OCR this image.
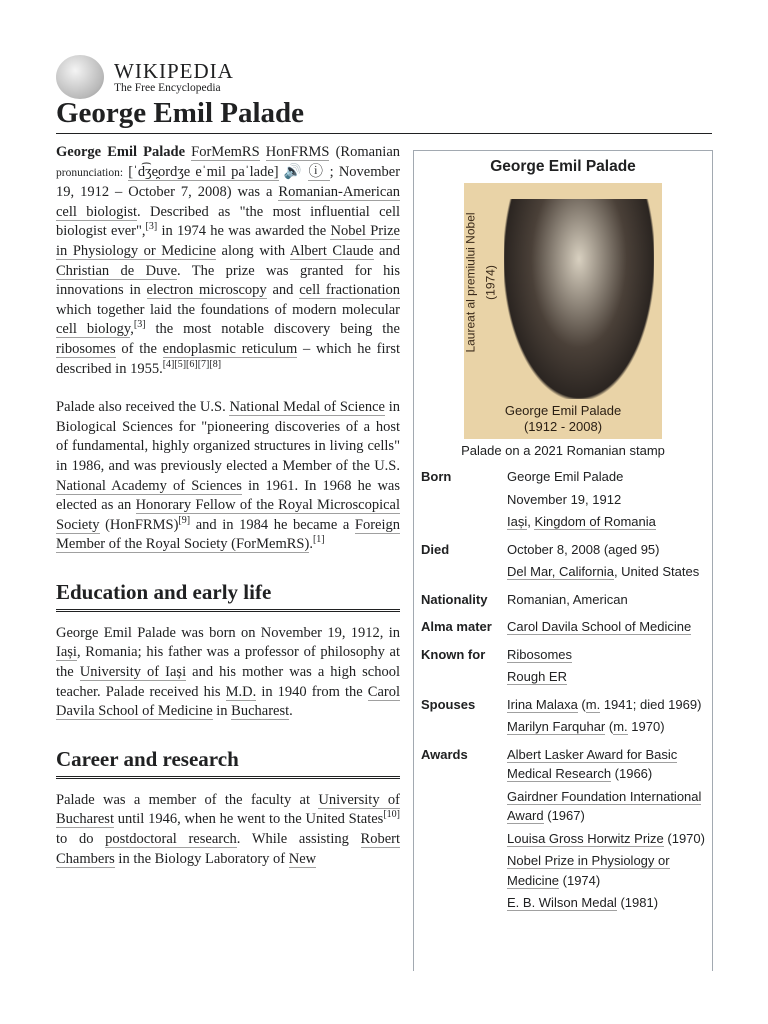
WIKIPEDIA
The Free Encyclopedia
George Emil Palade

George Emil Palade ForMemRS HonFRMS (Romanian pronunciation: [ˈd͡ʒe̯ordʒe eˈmil paˈlade] 🔊 ⓘ ; November 19, 1912 – October 7, 2008) was a Romanian-American cell biologist. Described as "the most influential cell biologist ever",[3] in 1974 he was awarded the Nobel Prize in Physiology or Medicine along with Albert Claude and Christian de Duve. The prize was granted for his innovations in electron microscopy and cell fractionation which together laid the foundations of modern molecular cell biology,[3] the most notable discovery being the ribosomes of the endoplasmic reticulum – which he first described in 1955.[4][5][6][7][8]

Palade also received the U.S. National Medal of Science in Biological Sciences for "pioneering discoveries of a host of fundamental, highly organized structures in living cells" in 1986, and was previously elected a Member of the U.S. National Academy of Sciences in 1961. In 1968 he was elected as an Honorary Fellow of the Royal Microscopical Society (HonFRMS)[9] and in 1984 he became a Foreign Member of the Royal Society (ForMemRS).[1]

Education and early life

George Emil Palade was born on November 19, 1912, in Iași, Romania; his father was a professor of philosophy at the University of Iași and his mother was a high school teacher. Palade received his M.D. in 1940 from the Carol Davila School of Medicine in Bucharest.

Career and research

Palade was a member of the faculty at University of Bucharest until 1946, when he went to the United States[10] to do postdoctoral research. While assisting Robert Chambers in the Biology Laboratory of New

George Emil Palade
Laureat al premiului Nobel (1974)
George Emil Palade
(1912 - 2008)
Palade on a 2021 Romanian stamp
Born	George Emil Palade
November 19, 1912
Iași, Kingdom of Romania
Died	October 8, 2008 (aged 95)
Del Mar, California, United States
Nationality	Romanian, American
Alma mater	Carol Davila School of Medicine
Known for	Ribosomes
Rough ER
Spouses	Irina Malaxa (m. 1941; died 1969)
Marilyn Farquhar (m. 1970)
Awards	Albert Lasker Award for Basic Medical Research (1966)
Gairdner Foundation International Award (1967)
Louisa Gross Horwitz Prize (1970)
Nobel Prize in Physiology or Medicine (1974)
E. B. Wilson Medal (1981)
